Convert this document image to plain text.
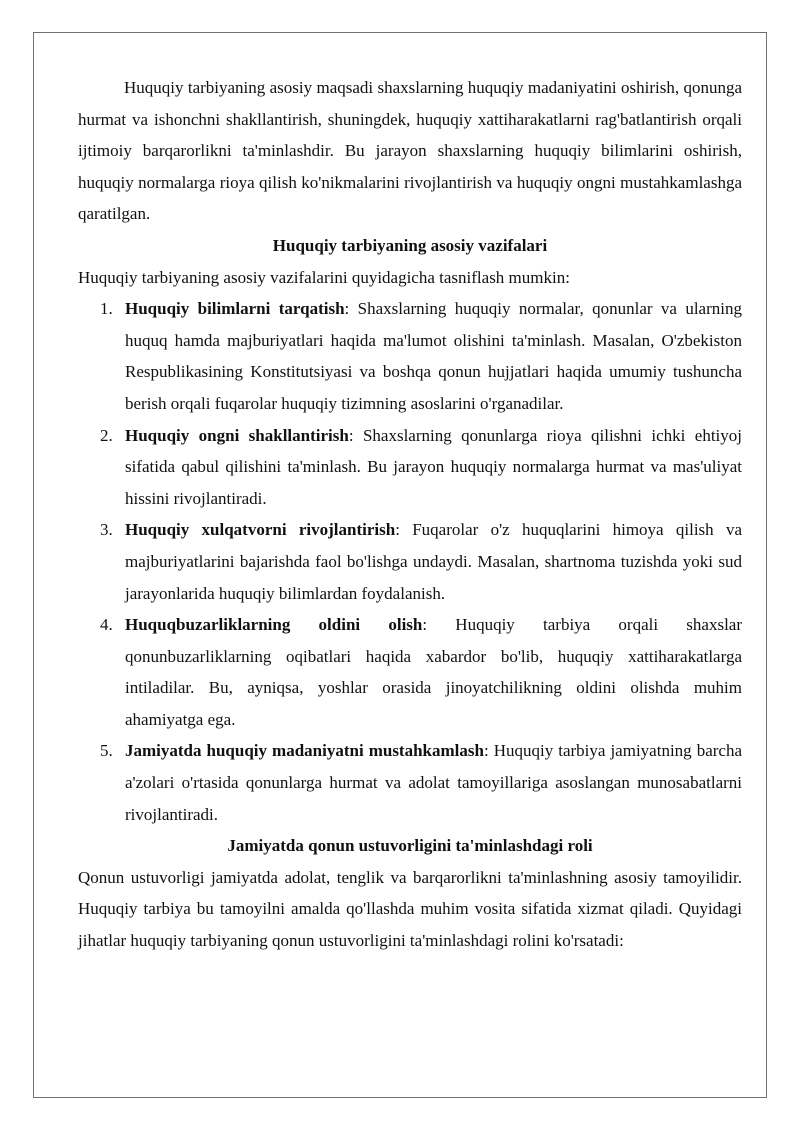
Huquqiy tarbiyaning asosiy maqsadi shaxslarning huquqiy madaniyatini oshirish, qonunga hurmat va ishonchni shakllantirish, shuningdek, huquqiy xattiharakatlarni rag'batlantirish orqali ijtimoiy barqarorlikni ta'minlashdir. Bu jarayon shaxslarning huquqiy bilimlarini oshirish, huquqiy normalarga rioya qilish ko'nikmalarini rivojlantirish va huquqiy ongni mustahkamlashga qaratilgan.

Huquqiy tarbiyaning asosiy vazifalari

Huquqiy tarbiyaning asosiy vazifalarini quyidagicha tasniflash mumkin:

1. Huquqiy bilimlarni tarqatish: Shaxslarning huquqiy normalar, qonunlar va ularning huquq hamda majburiyatlari haqida ma'lumot olishini ta'minlash. Masalan, O'zbekiston Respublikasining Konstitutsiyasi va boshqa qonun hujjatlari haqida umumiy tushuncha berish orqali fuqarolar huquqiy tizimning asoslarini o'rganadilar.
2. Huquqiy ongni shakllantirish: Shaxslarning qonunlarga rioya qilishni ichki ehtiyoj sifatida qabul qilishini ta'minlash. Bu jarayon huquqiy normalarga hurmat va mas'uliyat hissini rivojlantiradi.
3. Huquqiy xulqatvorni rivojlantirish: Fuqarolar o'z huquqlarini himoya qilish va majburiyatlarini bajarishda faol bo'lishga undaydi. Masalan, shartnoma tuzishda yoki sud jarayonlarida huquqiy bilimlardan foydalanish.
4. Huquqbuzarliklarning oldini olish: Huquqiy tarbiya orqali shaxslar qonunbuzarliklarning oqibatlari haqida xabardor bo'lib, huquqiy xattiharakatlarga intiladilar. Bu, ayniqsa, yoshlar orasida jinoyatchilikning oldini olishda muhim ahamiyatga ega.
5. Jamiyatda huquqiy madaniyatni mustahkamlash: Huquqiy tarbiya jamiyatning barcha a'zolari o'rtasida qonunlarga hurmat va adolat tamoyillariga asoslangan munosabatlarni rivojlantiradi.
Jamiyatda qonun ustuvorligini ta'minlashdagi roli

Qonun ustuvorligi jamiyatda adolat, tenglik va barqarorlikni ta'minlashning asosiy tamoyilidir. Huquqiy tarbiya bu tamoyilni amalda qo'llashda muhim vosita sifatida xizmat qiladi. Quyidagi jihatlar huquqiy tarbiyaning qonun ustuvorligini ta'minlashdagi rolini ko'rsatadi:
